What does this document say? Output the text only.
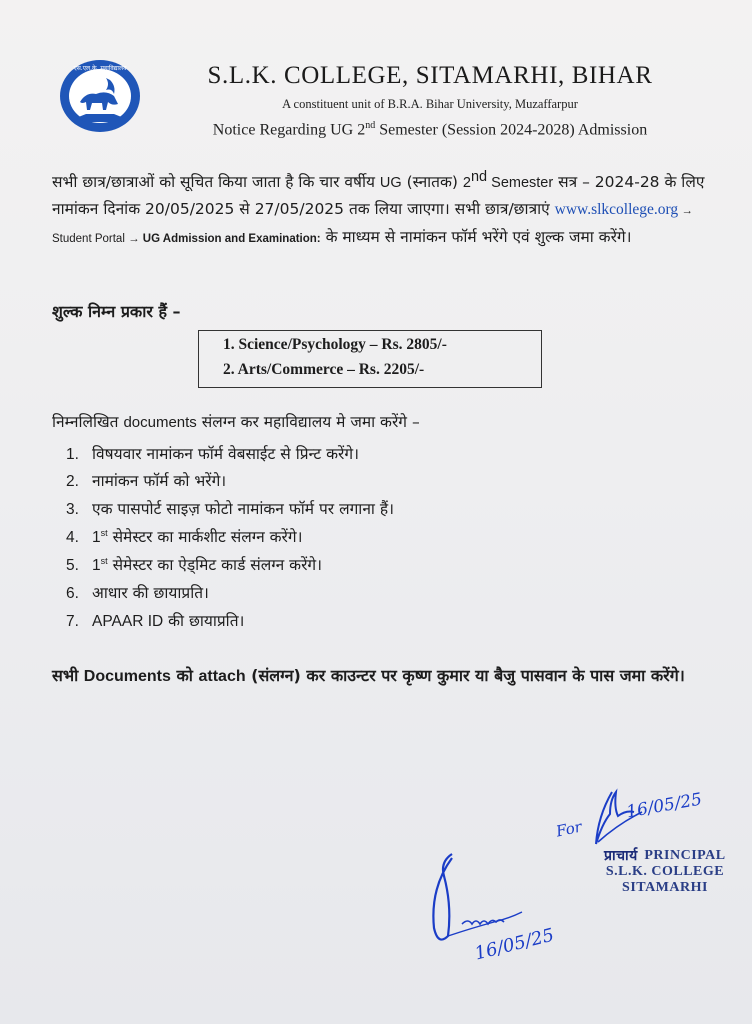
एस.एल.के. महाविद्यालय	S.L.K. COLLEGE, SITAMARHI, BIHAR
A constituent unit of B.R.A. Bihar University, Muzaffarpur
Notice Regarding UG 2nd Semester (Session 2024-2028) Admission
सभी छात्र/छात्राओं को सूचित किया जाता है कि चार वर्षीय UG (स्नातक) 2nd Semester सत्र – 2024-28 के लिए नामांकन दिनांक 20/05/2025 से 27/05/2025 तक लिया जाएगा। सभी छात्र/छात्राएं www.slkcollege.org → Student Portal → UG Admission and Examination: के माध्यम से नामांकन फॉर्म भरेंगे एवं शुल्क जमा करेंगे।
शुल्क निम्न प्रकार हैं –
1. Science/Psychology – Rs. 2805/-
2. Arts/Commerce – Rs. 2205/-
निम्नलिखित documents संलग्न कर महाविद्यालय मे जमा करेंगे –
1. विषयवार नामांकन फॉर्म वेबसाईट से प्रिन्ट करेंगे।
2. नामांकन फॉर्म को भरेंगे।
3. एक पासपोर्ट साइज़ फोटो नामांकन फॉर्म पर लगाना हैं।
4. 1st सेमेस्टर का मार्कशीट संलग्न करेंगे।
5. 1st सेमेस्टर का ऐड्मिट कार्ड संलग्न करेंगे।
6. आधार की छायाप्रति।
7. APAAR ID की छायाप्रति।
सभी Documents को attach (संलग्न) कर काउन्टर पर कृष्ण कुमार या बैजु पासवान के पास जमा करेंगे।
For
16/05/25
प्राचार्य PRINCIPAL
S.L.K. COLLEGE
SITAMARHI
16/05/25
